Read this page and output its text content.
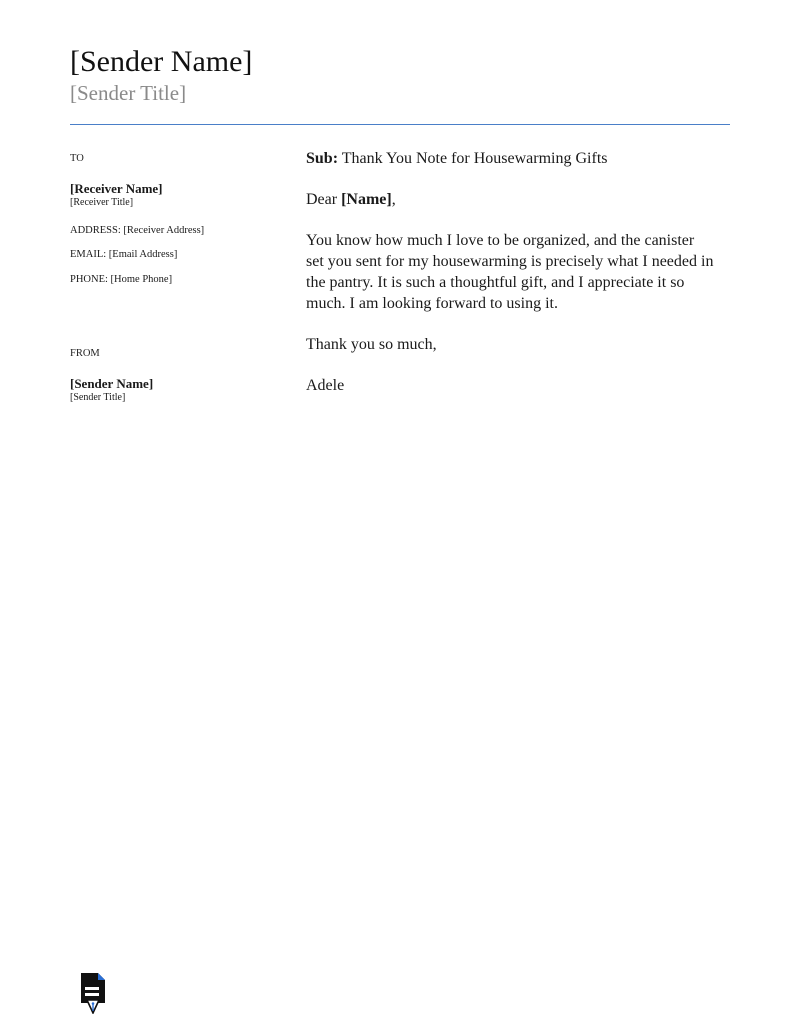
[Sender Name]
[Sender Title]
TO
[Receiver Name]
[Receiver Title]
ADDRESS: [Receiver Address]
EMAIL: [Email Address]
PHONE: [Home Phone]
FROM
[Sender Name]
[Sender Title]

Sub: Thank You Note for Housewarming Gifts

Dear [Name],

You know how much I love to be organized, and the canister
set you sent for my housewarming is precisely what I needed in
the pantry. It is such a thoughtful gift, and I appreciate it so
much. I am looking forward to using it.

Thank you so much,

Adele
